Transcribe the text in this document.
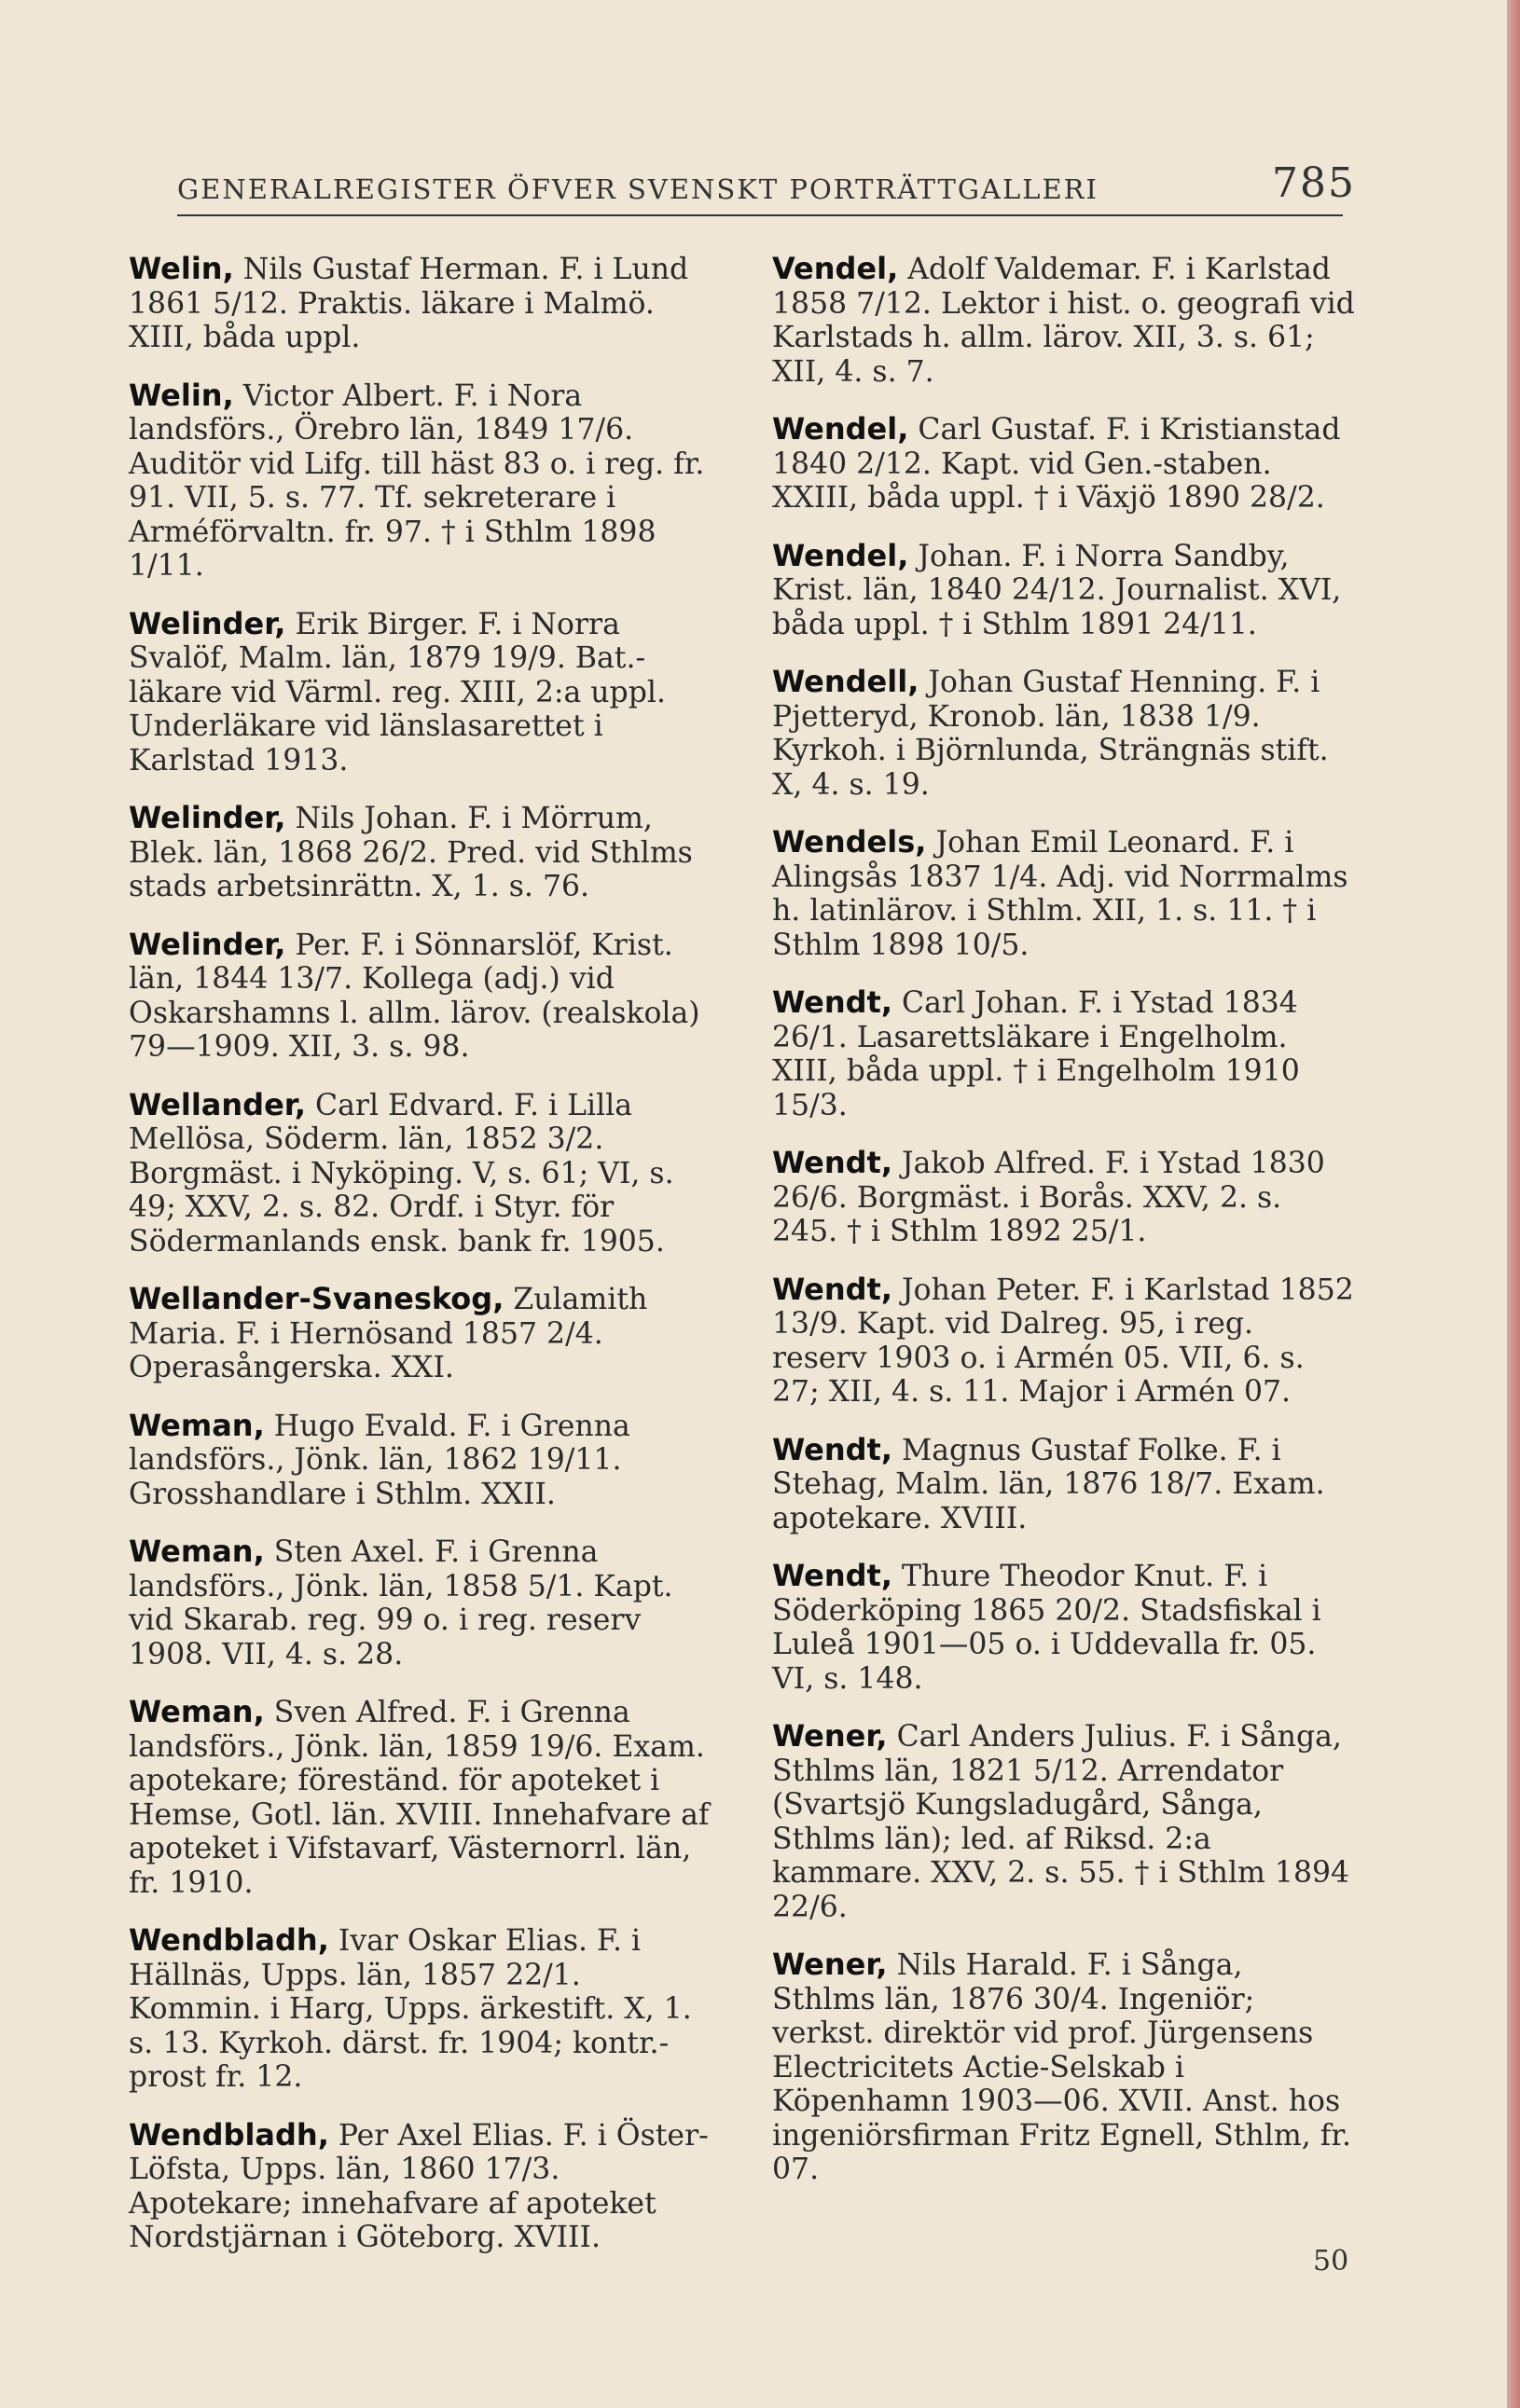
GENERALREGISTER ÖFVER SVENSKT PORTRÄTTGALLERI	785
Welin, Nils Gustaf Herman. F. i Lund 1861 5/12. Praktis. läkare i Malmö. XIII, båda uppl.
Welin, Victor Albert. F. i Nora landsförs., Örebro län, 1849 17/6. Auditör vid Lifg. till häst 83 o. i reg. fr. 91. VII, 5. s. 77. Tf. sekreterare i Arméförvaltn. fr. 97. † i Sthlm 1898 1/11.
Welinder, Erik Birger. F. i Norra Svalöf, Malm. län, 1879 19/9. Bat.-läkare vid Värml. reg. XIII, 2:a uppl. Underläkare vid länslasarettet i Karlstad 1913.
Welinder, Nils Johan. F. i Mörrum, Blek. län, 1868 26/2. Pred. vid Sthlms stads arbetsinrättn. X, 1. s. 76.
Welinder, Per. F. i Sönnarslöf, Krist. län, 1844 13/7. Kollega (adj.) vid Oskarshamns l. allm. lärov. (realskola) 79—1909. XII, 3. s. 98.
Wellander, Carl Edvard. F. i Lilla Mellösa, Söderm. län, 1852 3/2. Borgmäst. i Nyköping. V, s. 61; VI, s. 49; XXV, 2. s. 82. Ordf. i Styr. för Södermanlands ensk. bank fr. 1905.
Wellander-Svaneskog, Zulamith Maria. F. i Hernösand 1857 2/4. Operasångerska. XXI.
Weman, Hugo Evald. F. i Grenna landsförs., Jönk. län, 1862 19/11. Grosshandlare i Sthlm. XXII.
Weman, Sten Axel. F. i Grenna landsförs., Jönk. län, 1858 5/1. Kapt. vid Skarab. reg. 99 o. i reg. reserv 1908. VII, 4. s. 28.
Weman, Sven Alfred. F. i Grenna landsförs., Jönk. län, 1859 19/6. Exam. apotekare; föreständ. för apoteket i Hemse, Gotl. län. XVIII. Innehafvare af apoteket i Vifstavarf, Västernorrl. län, fr. 1910.
Wendbladh, Ivar Oskar Elias. F. i Hällnäs, Upps. län, 1857 22/1. Kommin. i Harg, Upps. ärkestift. X, 1. s. 13. Kyrkoh. därst. fr. 1904; kontr.-prost fr. 12.
Wendbladh, Per Axel Elias. F. i Öster-Löfsta, Upps. län, 1860 17/3. Apotekare; innehafvare af apoteket Nordstjärnan i Göteborg. XVIII.
Vendel, Adolf Valdemar. F. i Karlstad 1858 7/12. Lektor i hist. o. geografi vid Karlstads h. allm. lärov. XII, 3. s. 61; XII, 4. s. 7.
Wendel, Carl Gustaf. F. i Kristianstad 1840 2/12. Kapt. vid Gen.-staben. XXIII, båda uppl. † i Växjö 1890 28/2.
Wendel, Johan. F. i Norra Sandby, Krist. län, 1840 24/12. Journalist. XVI, båda uppl. † i Sthlm 1891 24/11.
Wendell, Johan Gustaf Henning. F. i Pjetteryd, Kronob. län, 1838 1/9. Kyrkoh. i Björnlunda, Strängnäs stift. X, 4. s. 19.
Wendels, Johan Emil Leonard. F. i Alingsås 1837 1/4. Adj. vid Norrmalms h. latinlärov. i Sthlm. XII, 1. s. 11. † i Sthlm 1898 10/5.
Wendt, Carl Johan. F. i Ystad 1834 26/1. Lasarettsläkare i Engelholm. XIII, båda uppl. † i Engelholm 1910 15/3.
Wendt, Jakob Alfred. F. i Ystad 1830 26/6. Borgmäst. i Borås. XXV, 2. s. 245. † i Sthlm 1892 25/1.
Wendt, Johan Peter. F. i Karlstad 1852 13/9. Kapt. vid Dalreg. 95, i reg. reserv 1903 o. i Armén 05. VII, 6. s. 27; XII, 4. s. 11. Major i Armén 07.
Wendt, Magnus Gustaf Folke. F. i Stehag, Malm. län, 1876 18/7. Exam. apotekare. XVIII.
Wendt, Thure Theodor Knut. F. i Söderköping 1865 20/2. Stadsfiskal i Luleå 1901—05 o. i Uddevalla fr. 05. VI, s. 148.
Wener, Carl Anders Julius. F. i Sånga, Sthlms län, 1821 5/12. Arrendator (Svartsjö Kungsladugård, Sånga, Sthlms län); led. af Riksd. 2:a kammare. XXV, 2. s. 55. † i Sthlm 1894 22/6.
Wener, Nils Harald. F. i Sånga, Sthlms län, 1876 30/4. Ingeniör; verkst. direktör vid prof. Jürgensens Electricitets Actie-Selskab i Köpenhamn 1903—06. XVII. Anst. hos ingeniörsfirman Fritz Egnell, Sthlm, fr. 07.
50
